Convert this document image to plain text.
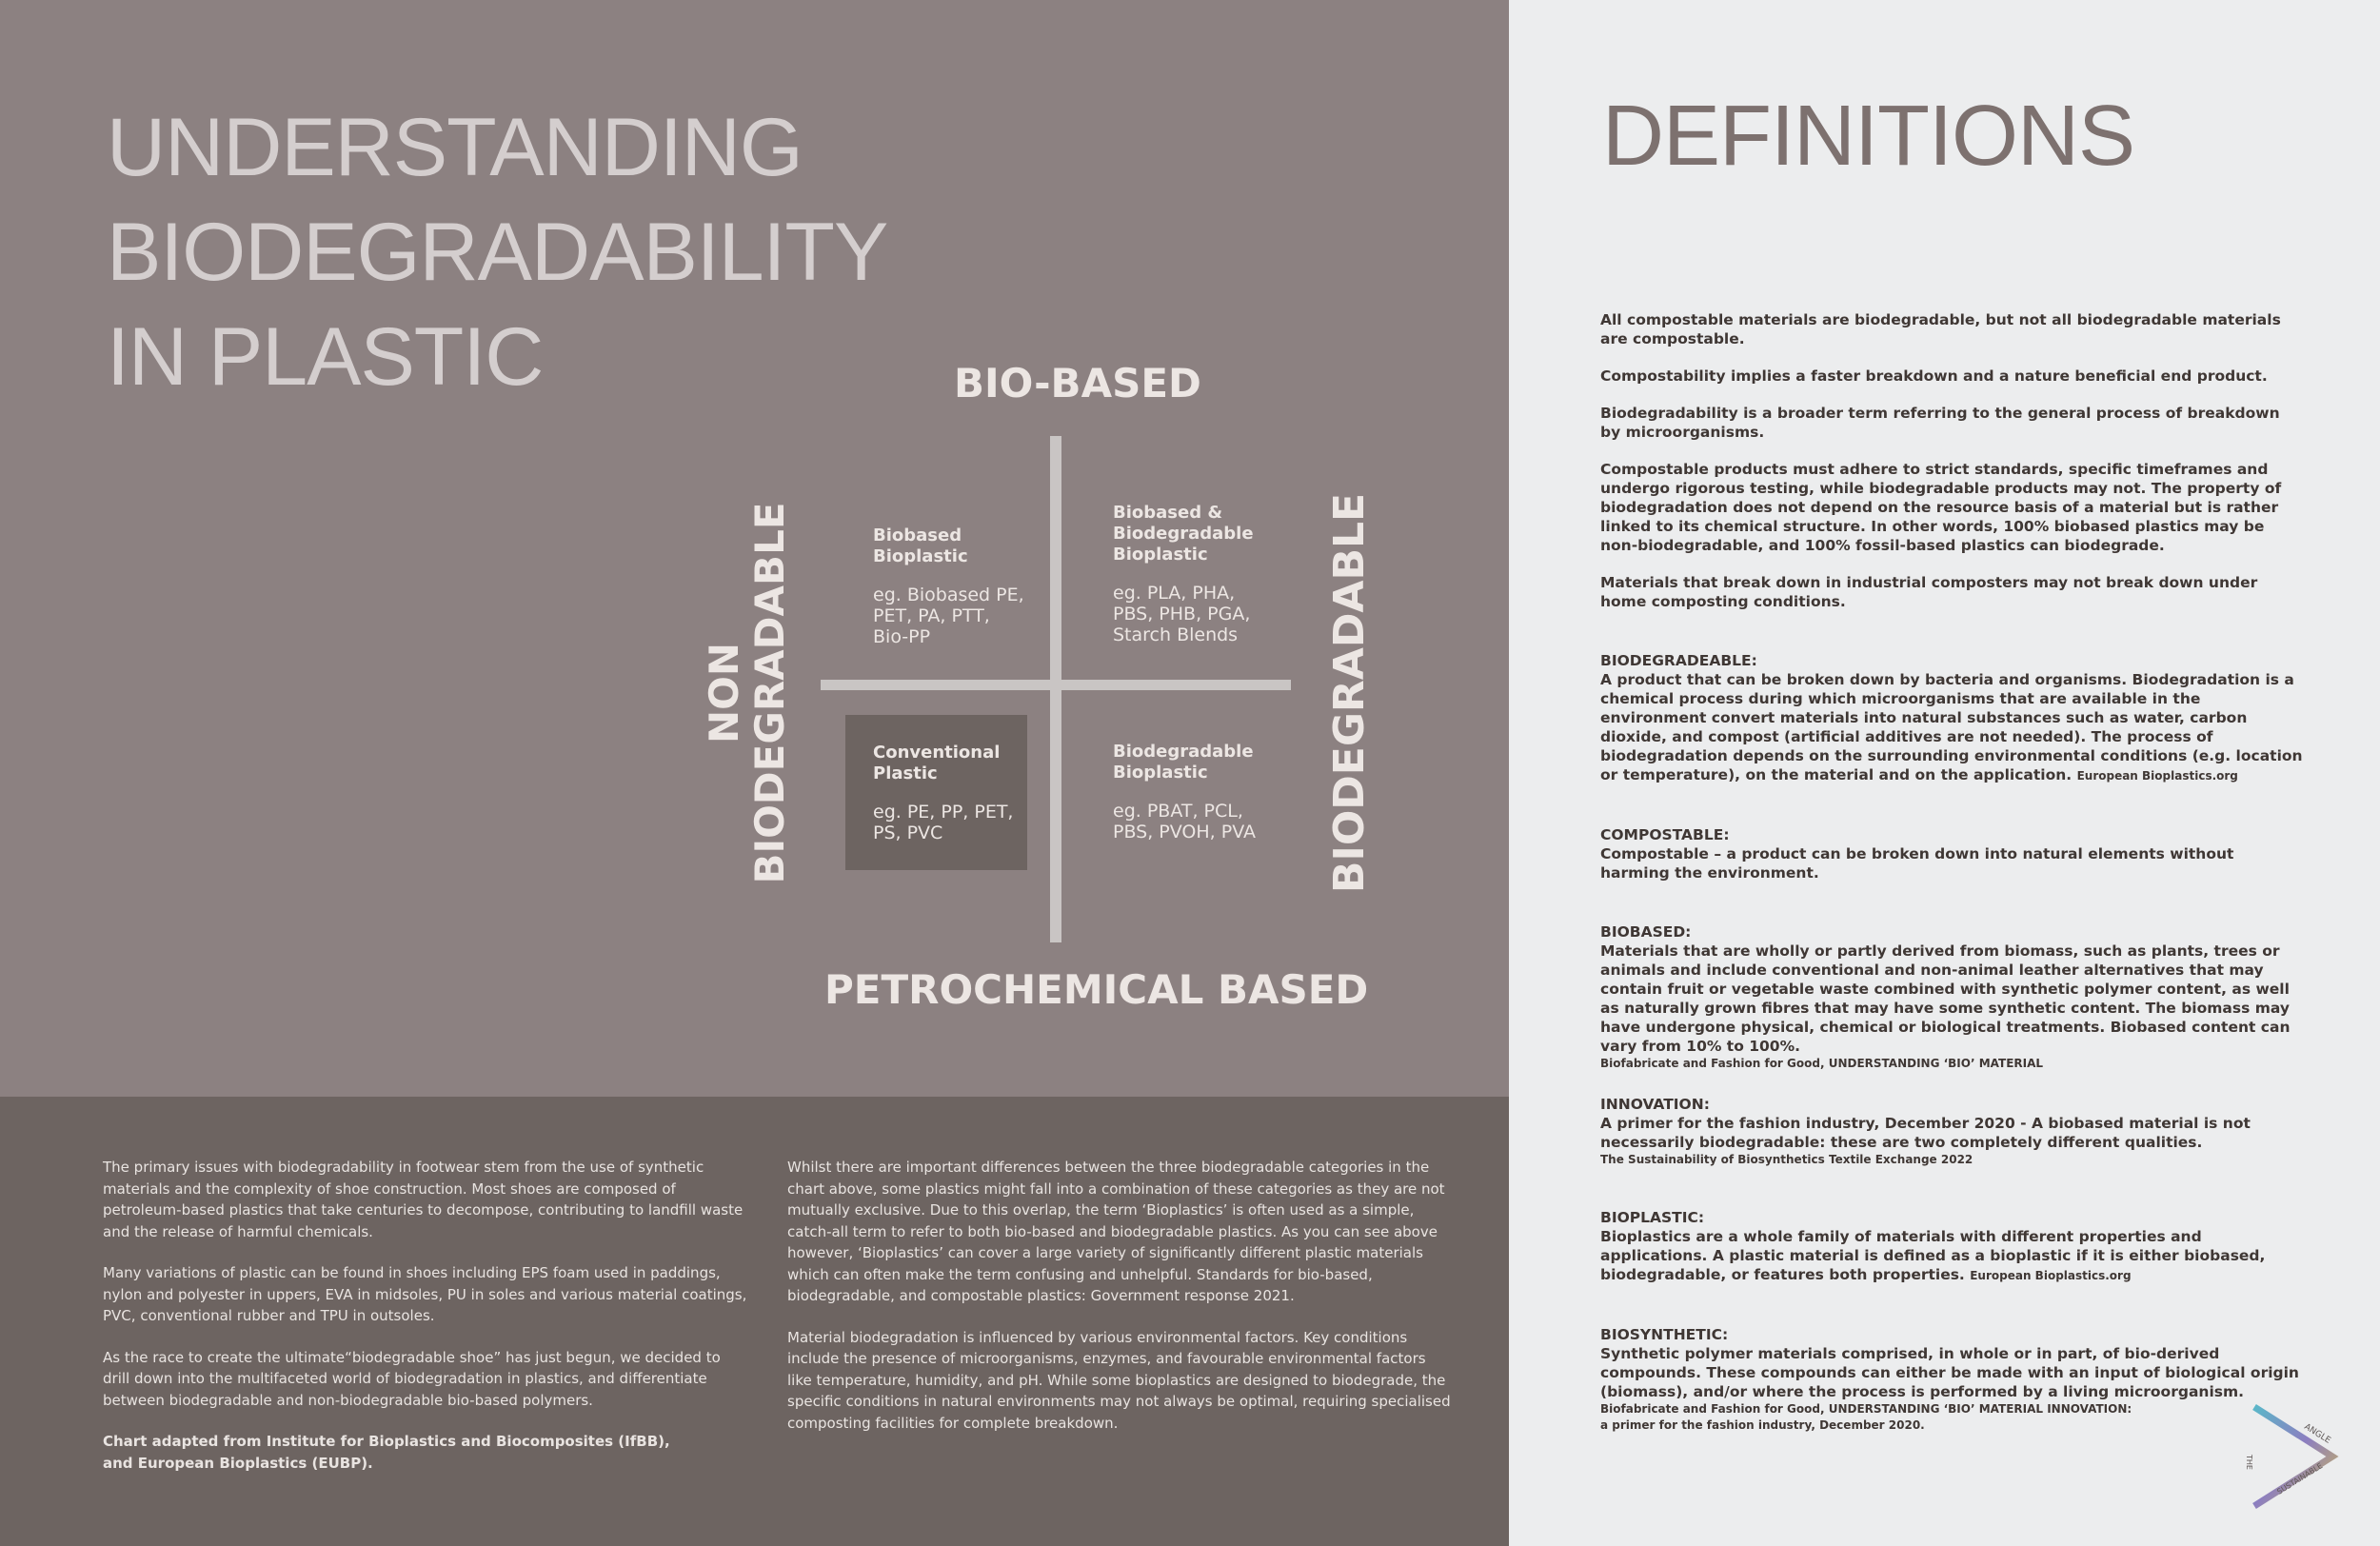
UNDERSTANDING
BIODEGRADABILITY
IN PLASTIC	BIO-BASED
PETROCHEMICAL BASED
BIODEGRADABLE
NON BIODEGRADABLE	Biobased
Bioplastic
eg. Biobased PE,
PET, PA, PTT,
Bio-PP
Biobased &
Biodegradable
Bioplastic
eg. PLA, PHA,
PBS, PHB, PGA,
Starch Blends
Conventional
Plastic
eg. PE, PP, PET,
PS, PVC
Biodegradable
Bioplastic
eg. PBAT, PCL,
PBS, PVOH, PVA

The primary issues with biodegradability in footwear stem from the use of synthetic materials and the complexity of shoe construction. Most shoes are composed of petroleum-based plastics that take centuries to decompose, contributing to landfill waste and the release of harmful chemicals.

Many variations of plastic can be found in shoes including EPS foam used in paddings, nylon and polyester in uppers, EVA in midsoles, PU in soles and various material coatings, PVC, conventional rubber and TPU in outsoles.

As the race to create the ultimate“biodegradable shoe” has just begun, we decided to drill down into the multifaceted world of biodegradation in plastics, and differentiate between biodegradable and non-biodegradable bio-based polymers.

Chart adapted from Institute for Bioplastics and Biocomposites (IfBB),
and European Bioplastics (EUBP).

Whilst there are important differences between the three biodegradable categories in the chart above, some plastics might fall into a combination of these categories as they are not mutually exclusive. Due to this overlap, the term ‘Bioplastics’ is often used as a simple, catch-all term to refer to both bio-based and biodegradable plastics. As you can see above however, ‘Bioplastics’ can cover a large variety of significantly different plastic materials which can often make the term confusing and unhelpful. Standards for bio-based, biodegradable, and compostable plastics: Government response 2021.

Material biodegradation is influenced by various environmental factors. Key conditions include the presence of microorganisms, enzymes, and favourable environmental factors like temperature, humidity, and pH. While some bioplastics are designed to biodegrade, the specific conditions in natural environments may not always be optimal, requiring specialised composting facilities for complete breakdown.

DEFINITIONS

All compostable materials are biodegradable, but not all biodegradable materials are compostable.

Compostability implies a faster breakdown and a nature beneficial end product.

Biodegradability is a broader term referring to the general process of breakdown by microorganisms.

Compostable products must adhere to strict standards, specific timeframes and undergo rigorous testing, while biodegradable products may not. The property of biodegradation does not depend on the resource basis of a material but is rather linked to its chemical structure. In other words, 100% biobased plastics may be non-biodegradable, and 100% fossil-based plastics can biodegrade.

Materials that break down in industrial composters may not break down under home composting conditions.

BIODEGRADEABLE:
A product that can be broken down by bacteria and organisms. Biodegradation is a chemical process during which microorganisms that are available in the environment convert materials into natural substances such as water, carbon dioxide, and compost (artificial additives are not needed). The process of biodegradation depends on the surrounding environmental conditions (e.g. location or temperature), on the material and on the application. European Bioplastics.org
COMPOSTABLE:
Compostable – a product can be broken down into natural elements without harming the environment.
BIOBASED:
Materials that are wholly or partly derived from biomass, such as plants, trees or animals and include conventional and non-animal leather alternatives that may contain fruit or vegetable waste combined with synthetic polymer content, as well as naturally grown fibres that may have some synthetic content. The biomass may have undergone physical, chemical or biological treatments. Biobased content can vary from 10% to 100%.
Biofabricate and Fashion for Good, UNDERSTANDING ‘BIO’ MATERIAL
INNOVATION:
A primer for the fashion industry, December 2020 - A biobased material is not necessarily biodegradable: these are two completely different qualities.
The Sustainability of Biosynthetics Textile Exchange 2022
BIOPLASTIC:
Bioplastics are a whole family of materials with different properties and applications. A plastic material is defined as a bioplastic if it is either biobased, biodegradable, or features both properties. European Bioplastics.org
BIOSYNTHETIC:
Synthetic polymer materials comprised, in whole or in part, of bio-derived compounds. These compounds can either be made with an input of biological origin (biomass), and/or where the process is performed by a living microorganism.
Biofabricate and Fashion for Good, UNDERSTANDING ‘BIO’ MATERIAL INNOVATION:
a primer for the fashion industry, December 2020.	ANGLE
SUSTAINABLE
THE
